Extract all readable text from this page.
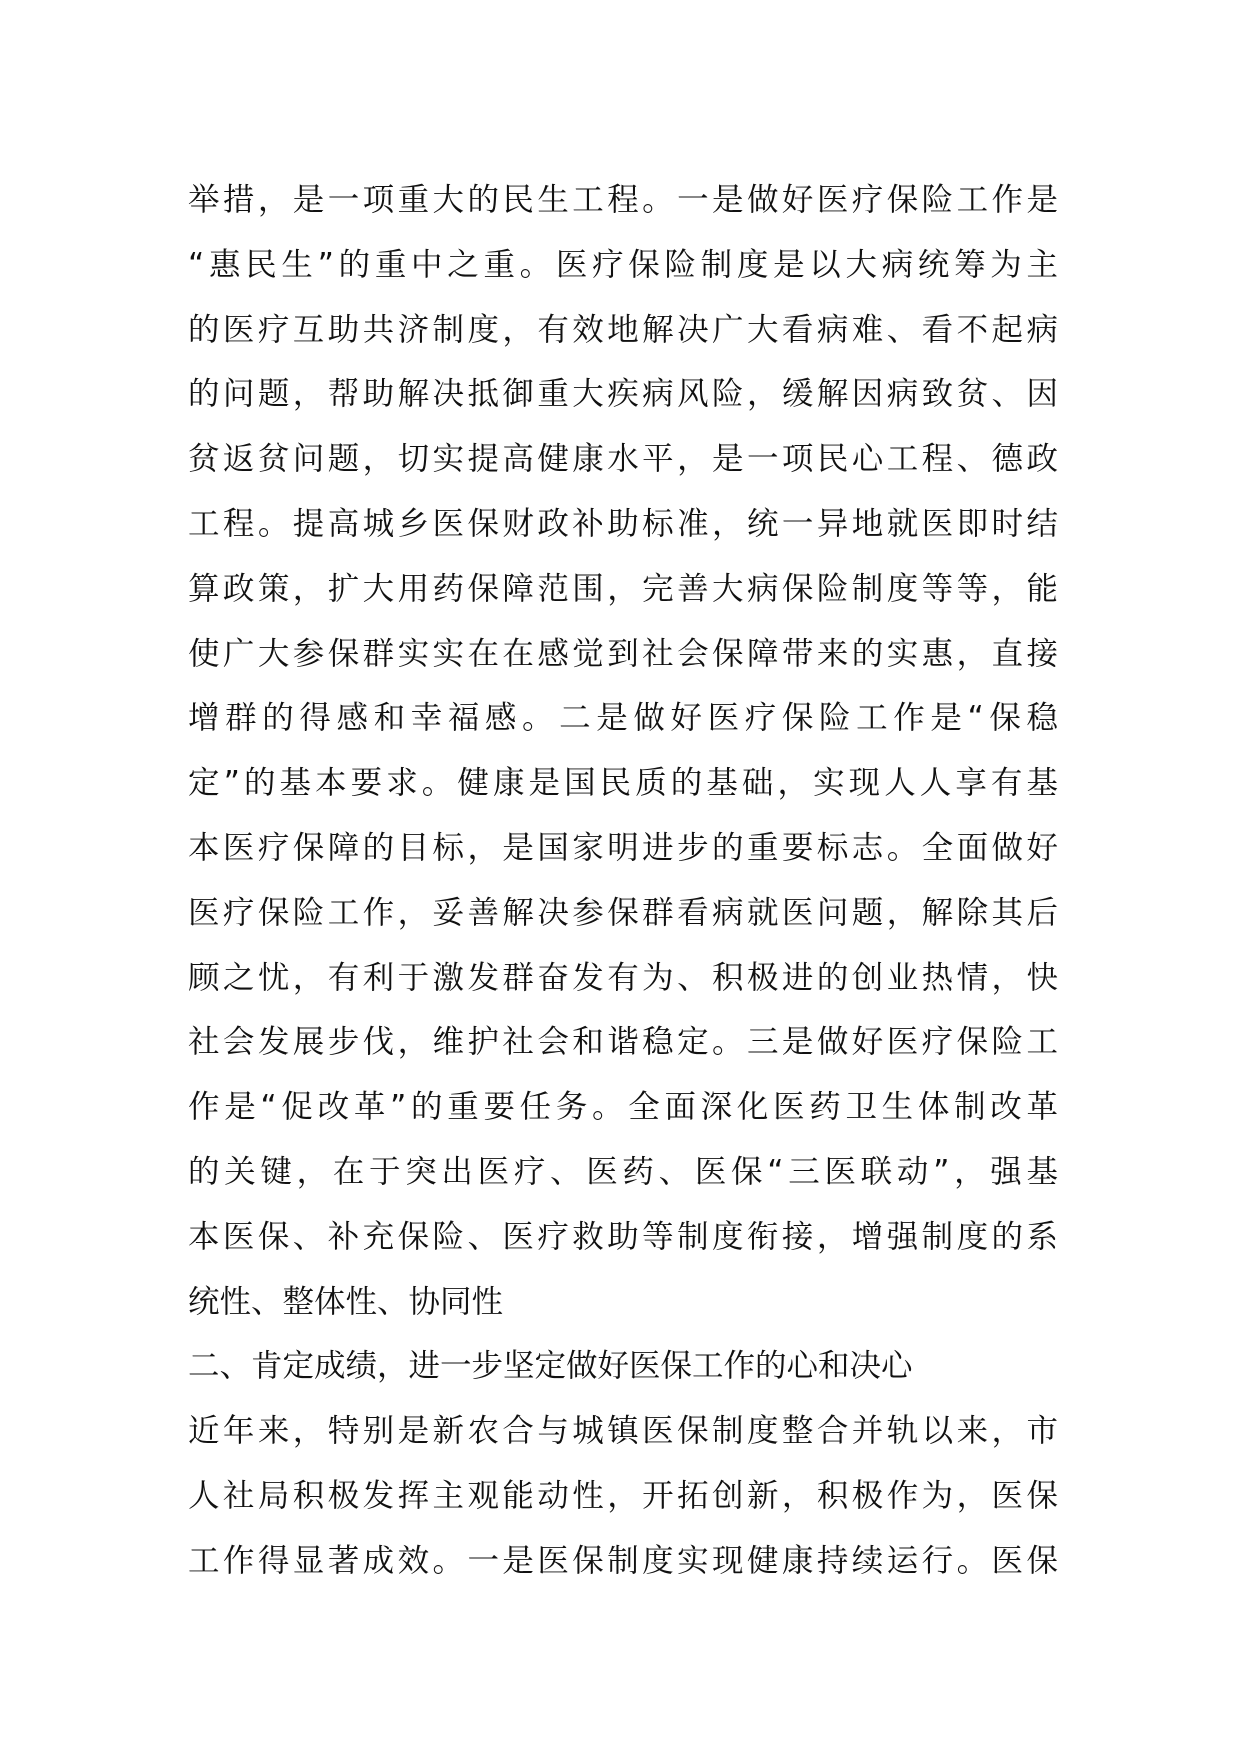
举措，是一项重大的民生工程。一是做好医疗保险工作是
“惠民生”的重中之重。医疗保险制度是以大病统筹为主
的医疗互助共济制度，有效地解决广大看病难、看不起病
的问题，帮助解决抵御重大疾病风险，缓解因病致贫、因
贫返贫问题，切实提高健康水平，是一项民心工程、德政
工程。提高城乡医保财政补助标准，统一异地就医即时结
算政策，扩大用药保障范围，完善大病保险制度等等，能
使广大参保群实实在在感觉到社会保障带来的实惠，直接
增群的得感和幸福感。二是做好医疗保险工作是“保稳
定”的基本要求。健康是国民质的基础，实现人人享有基
本医疗保障的目标，是国家明进步的重要标志。全面做好
医疗保险工作，妥善解决参保群看病就医问题，解除其后
顾之忧，有利于激发群奋发有为、积极进的创业热情，快
社会发展步伐，维护社会和谐稳定。三是做好医疗保险工
作是“促改革”的重要任务。全面深化医药卫生体制改革
的关键，在于突出医疗、医药、医保“三医联动”，强基
本医保、补充保险、医疗救助等制度衔接，增强制度的系
统性、整体性、协同性
二、肯定成绩，进一步坚定做好医保工作的心和决心
近年来，特别是新农合与城镇医保制度整合并轨以来，市
人社局积极发挥主观能动性，开拓创新，积极作为，医保
工作得显著成效。一是医保制度实现健康持续运行。医保
